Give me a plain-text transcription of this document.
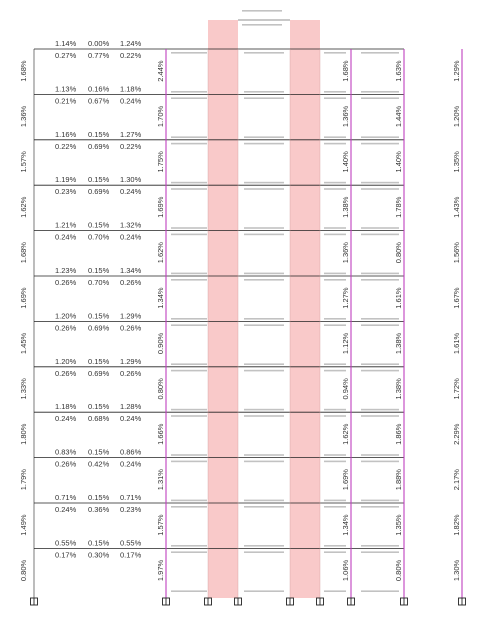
1.14% 0.00% 1.24%
0.27% 0.77% 0.22%
1.68%	2.44%	1.68%	1.63%	1.29%
1.13% 0.16% 1.18%
0.21% 0.67% 0.24%
1.36%	1.70%	1.36%	1.44%	1.20%
1.16% 0.15% 1.27%
0.22% 0.69% 0.22%
1.57%	1.75%	1.40%	1.40%	1.35%
1.19% 0.15% 1.30%
0.23% 0.69% 0.24%
1.62%	1.69%	1.38%	1.78%	1.43%
1.21% 0.15% 1.32%
0.24% 0.70% 0.24%
1.68%	1.62%	1.36%	0.80%	1.56%
1.23% 0.15% 1.34%
0.26% 0.70% 0.26%
1.69%	1.34%	1.27%	1.61%	1.67%
1.20% 0.15% 1.29%
0.26% 0.69% 0.26%
1.45%	0.90%	1.12%	1.38%	1.61%
1.20% 0.15% 1.29%
0.26% 0.69% 0.26%
1.33%	0.80%	0.94%	1.38%	1.72%
1.18% 0.15% 1.28%
0.24% 0.68% 0.24%
1.80%	1.66%	1.62%	1.86%	2.29%
0.83% 0.15% 0.86%
0.26% 0.42% 0.24%
1.79%	1.31%	1.69%	1.88%	2.17%
0.71% 0.15% 0.71%
0.24% 0.36% 0.23%
1.49%	1.57%	1.34%	1.35%	1.82%
0.55% 0.15% 0.55%
0.17% 0.30% 0.17%
0.80%	1.97%	1.06%	0.80%	1.30%
